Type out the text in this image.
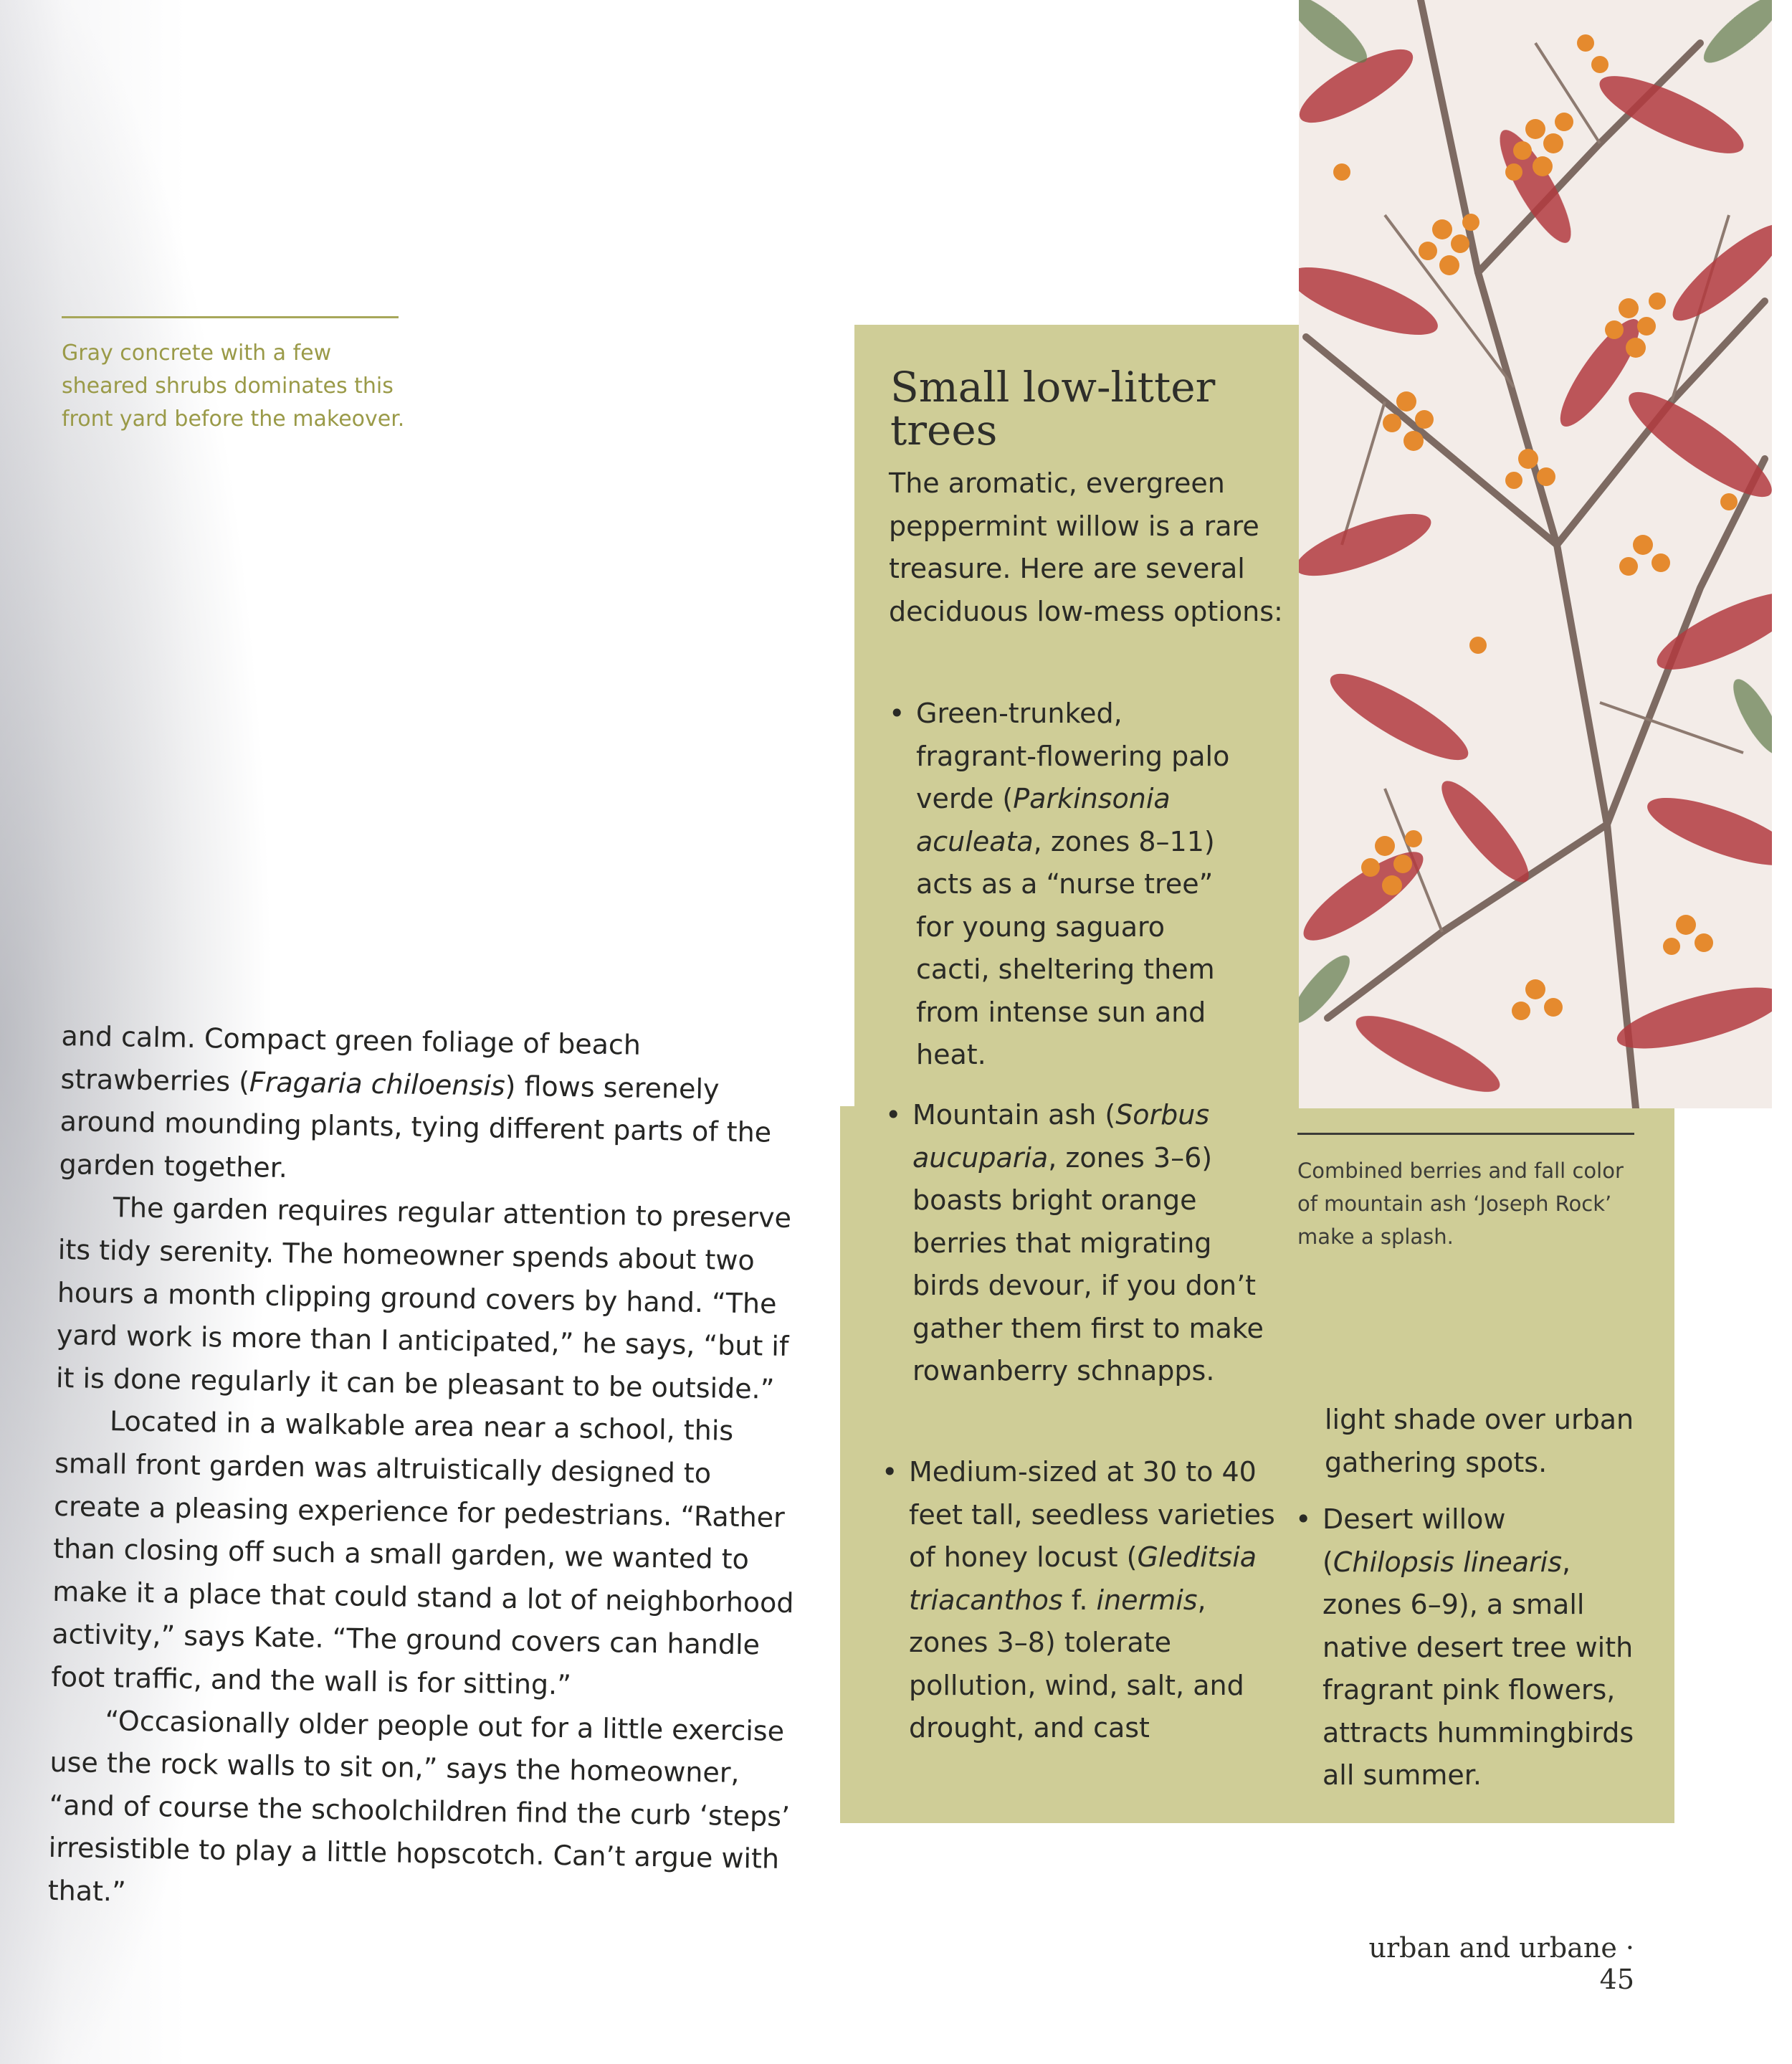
Gray concrete with a few sheared shrubs dominates this front yard before the makeover.

and calm. Compact green foliage of beach strawberries (Fragaria chiloensis) flows serenely around mounding plants, tying different parts of the garden together.

The garden requires regular attention to preserve its tidy serenity. The homeowner spends about two hours a month clipping ground covers by hand. “The yard work is more than I anticipated,” he says, “but if it is done regularly it can be pleasant to be outside.”

Located in a walkable area near a school, this small front garden was altruistically designed to create a pleasing experience for pedestrians. “Rather than closing off such a small garden, we wanted to make it a place that could stand a lot of neighborhood activity,” says Kate. “The ground covers can handle foot traffic, and the wall is for sitting.”

“Occasionally older people out for a little exercise use the rock walls to sit on,” says the homeowner, “and of course the schoolchildren find the curb ‘steps’ irresistible to play a little hopscotch. Can’t argue with that.”

Small low-litter trees

The aromatic, evergreen peppermint willow is a rare treasure. Here are several deciduous low-mess options:

• Green-trunked, fragrant-flowering palo verde (Parkinsonia aculeata, zones 8–11) acts as a “nurse tree” for young saguaro cacti, sheltering them from intense sun and heat.
• Mountain ash (Sorbus aucuparia, zones 3–6) boasts bright orange berries that migrating birds devour, if you don’t gather them first to make rowanberry schnapps.
• Medium-sized at 30 to 40 feet tall, seedless varieties of honey locust (Gleditsia triacanthos f. inermis, zones 3–8) tolerate pollution, wind, salt, and drought, and cast
light shade over urban gathering spots.
• Desert willow (Chilopsis linearis, zones 6–9), a small native desert tree with fragrant pink flowers, attracts hummingbirds all summer.

Combined berries and fall color of mountain ash ‘Joseph Rock’ make a splash.

urban and urbane · 45
